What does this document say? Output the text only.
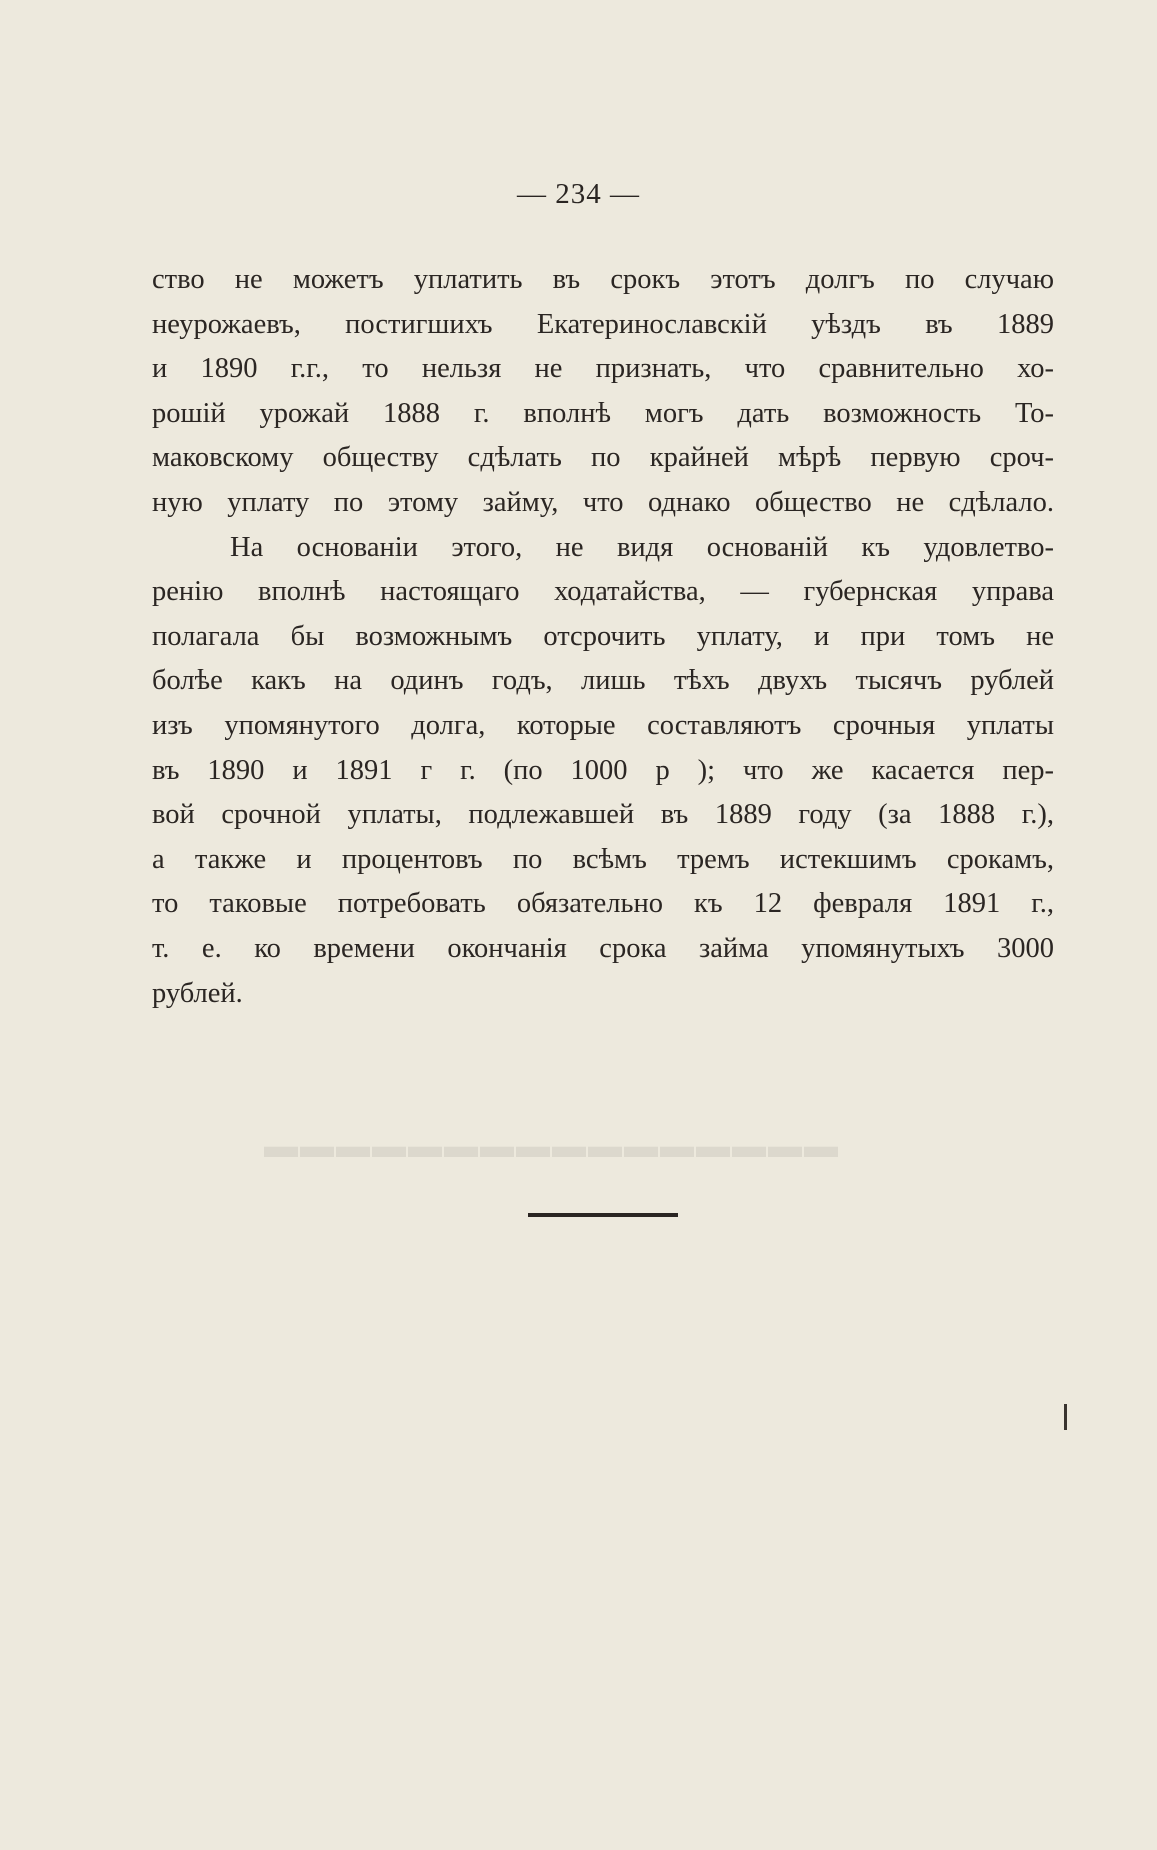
▬▬▬▬▬▬▬▬▬▬▬▬▬▬▬▬
— 234 —
ство не можетъ уплатить въ срокъ этотъ долгъ по случаю
неурожаевъ, постигшихъ Екатеринославскій уѣздъ въ 1889
и 1890 г.г., то нельзя не признать, что сравнительно хо-
рошій урожай 1888 г. вполнѣ могъ дать возможность То-
маковскому обществу сдѣлать по крайней мѣрѣ первую сроч-
ную уплату по этому займу, что однако общество не сдѣлало.
На основаніи этого, не видя основаній къ удовлетво-
ренію вполнѣ настоящаго ходатайства, — губернская управа
полагала бы возможнымъ отсрочить уплату, и при томъ не
болѣе какъ на одинъ годъ, лишь тѣхъ двухъ тысячъ рублей
изъ упомянутого долга, которые составляютъ срочныя уплаты
въ 1890 и 1891 г г. (по 1000 р ); что же касается пер-
вой срочной уплаты, подлежавшей въ 1889 году (за 1888 г.),
а также и процентовъ по всѣмъ тремъ истекшимъ срокамъ,
то таковые потребовать обязательно къ 12 февраля 1891 г.,
т. е. ко времени окончанія срока займа упомянутыхъ 3000
рублей.
